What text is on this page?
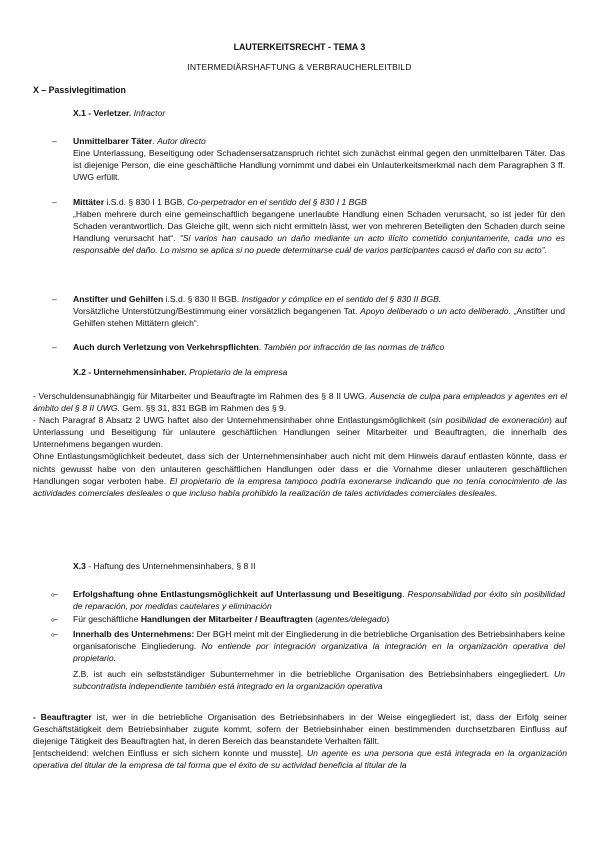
LAUTERKEITSRECHT - TEMA 3
INTERMEDIÄRSHAFTUNG & VERBRAUCHERLEITBILD
X – Passivlegitimation
X.1 - Verletzer. Infractor
– Unmittelbarer Täter. Autor directo

Eine Unterlassung, Beseitigung oder Schadensersatzanspruch richtet sich zunächst einmal gegen den unmittelbaren Täter. Das ist diejenige Person, die eine geschäftliche Handlung vornimmt und dabei ein Unlauterkeitsmerkmal nach dem Paragraphen 3 ff. UWG erfüllt.

– Mittäter i.S.d. § 830 I 1 BGB. Co-perpetrador en el sentido del § 830 I 1 BGB

„Haben mehrere durch eine gemeinschaftlich begangene unerlaubte Handlung einen Schaden verursacht, so ist jeder für den Schaden verantwortlich. Das Gleiche gilt, wenn sich nicht ermitteln lässt, wer von mehreren Beteiligten den Schaden durch seine Handlung verursacht hat“. “Si varios han causado un daño mediante un acto ilícito cometido conjuntamente, cada uno es responsable del daño. Lo mismo se aplica si no puede determinarse cuál de varios participantes causó el daño con su acto”.

– Anstifter und Gehilfen i.S.d. § 830 II BGB. Instigador y cómplice en el sentido del § 830 II BGB.

Vorsätzliche Unterstützung/Bestimmung einer vorsätzlich begangenen Tat. Apoyo deliberado o un acto deliberado. „Anstifter und Gehilfen stehen Mittätern gleich“.

– Auch durch Verletzung von Verkehrspflichten. También por infracción de las normas de tráfico
X.2 - Unternehmensinhaber. Propietario de la empresa

- Verschuldensunabhängig für Mitarbeiter und Beauftragte im Rahmen des § 8 II UWG. Ausencia de culpa para empleados y agentes en el ámbito del § 8 II UWG. Gem. §§ 31, 831 BGB im Rahmen des § 9.

- Nach Paragraf 8 Absatz 2 UWG haftet also der Unternehmensinhaber ohne Entlastungsmöglichkeit (sin posibilidad de exoneración) auf Unterlassung und Beseitigung für unlautere geschäftlichen Handlungen seiner Mitarbeiter und Beauftragten, die innerhalb des Unternehmens begangen wurden.

Ohne Entlastungsmöglichkeit bedeutet, dass sich der Unternehmensinhaber auch nicht mit dem Hinweis darauf entlasten könnte, dass er nichts gewusst habe von den unlauteren geschäftlichen Handlungen oder dass er die Vornahme dieser unlauteren geschäftlichen Handlungen sogar verboten habe. El propietario de la empresa tampoco podría exonerarse indicando que no tenía conocimiento de las actividades comerciales desleales o que incluso había prohibido la realización de tales actividades comerciales desleales.

X.3 - Haftung des Unternehmensinhabers, § 8 II
⟜ Erfolgshaftung ohne Entlastungsmöglichkeit auf Unterlassung und Beseitigung. Responsabilidad por éxito sin posibilidad de reparación, por medidas cautelares y eliminación
⟜ Für geschäftliche Handlungen der Mitarbeiter / Beauftragten (agentes/delegado)
⟜ Innerhalb des Unternehmens: Der BGH meint mit der Eingliederung in die betriebliche Organisation des Betriebsinhabers keine organisatorische Eingliederung. No entiende por integración organizativa la integración en la organización operativa del propietario.

Z.B. ist auch ein selbstständiger Subunternehmer in die betriebliche Organisation des Betriebsinhabers eingegliedert. Un subcontratista independiente también está integrado en la organización operativa

- Beauftragter ist, wer in die betriebliche Organisation des Betriebsinhabers in der Weise eingegliedert ist, dass der Erfolg seiner Geschäftstätigkeit dem Betriebsinhaber zugute kommt, sofern der Betriebsinhaber einen bestimmenden durchsetzbaren Einfluss auf diejenige Tätigkeit des Beauftragten hat, in deren Bereich das beanstandete Verhalten fällt.

[entscheidend: welchen Einfluss er sich sichern konnte und musste]. Un agente es una persona que está integrada en la organización operativa del titular de la empresa de tal forma que el éxito de su actividad beneficia al titular de la
